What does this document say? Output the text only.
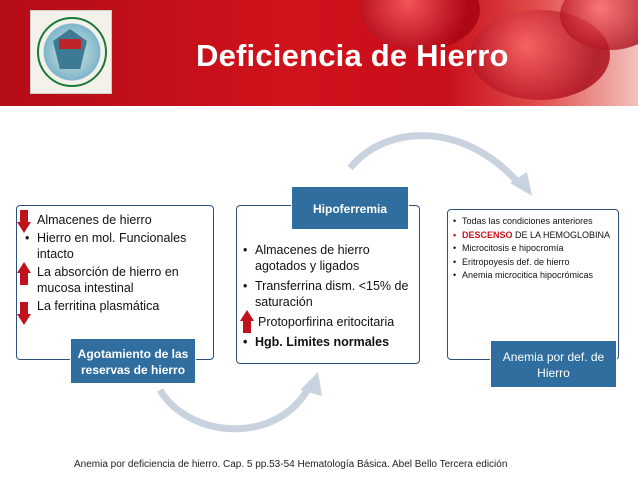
Deficiencia de Hierro
Almacenes de hierro
• Hierro en mol. Funcionales intacto
La absorción de hierro en mucosa intestinal
La ferritina plasmática
Agotamiento de las reservas de hierro
• Almacenes de hierro agotados y ligados
• Transferrina dism. <15% de saturación
Protoporfirina eritocitaria
• Hgb. Limites normales
Hipoferremia
• Todas las condiciones anteriores
• DESCENSO DE LA HEMOGLOBINA
• Microcitosis e hipocromía
• Eritropoyesis def. de hierro
• Anemia microcitica hipocrómicas
Anemia por def. de Hierro
Anemia por deficiencia de hierro. Cap. 5 pp.53-54 Hematología Básica. Abel Bello Tercera edición
